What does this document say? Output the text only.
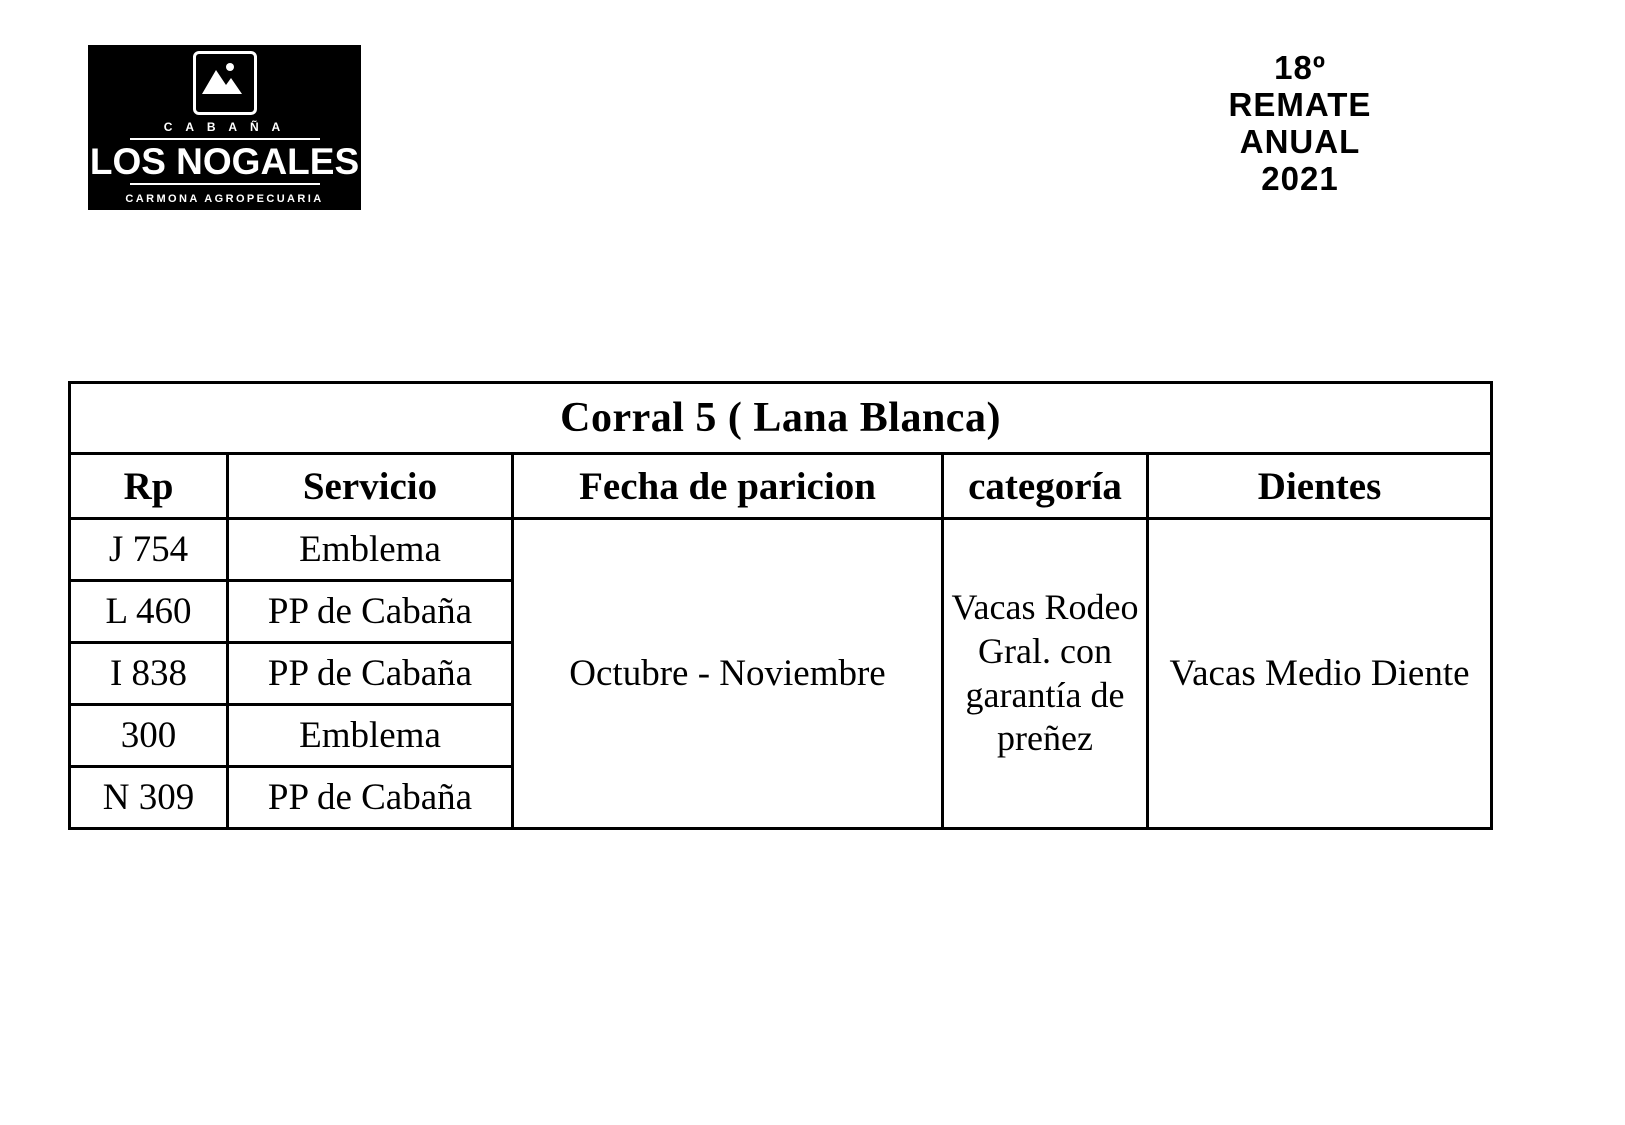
C A B A Ñ A
LOS NOGALES
CARMONA AGROPECUARIA
18º
REMATE
ANUAL
2021
Corral 5 ( Lana Blanca)				
Rp	Servicio	Fecha de paricion	categoría	Dientes
J 754	Emblema	Octubre - Noviembre	Vacas Rodeo Gral. con garantía de preñez	Vacas Medio Diente
L 460	PP de Cabaña			
I 838	PP de Cabaña			
300	Emblema			
N 309	PP de Cabaña			
